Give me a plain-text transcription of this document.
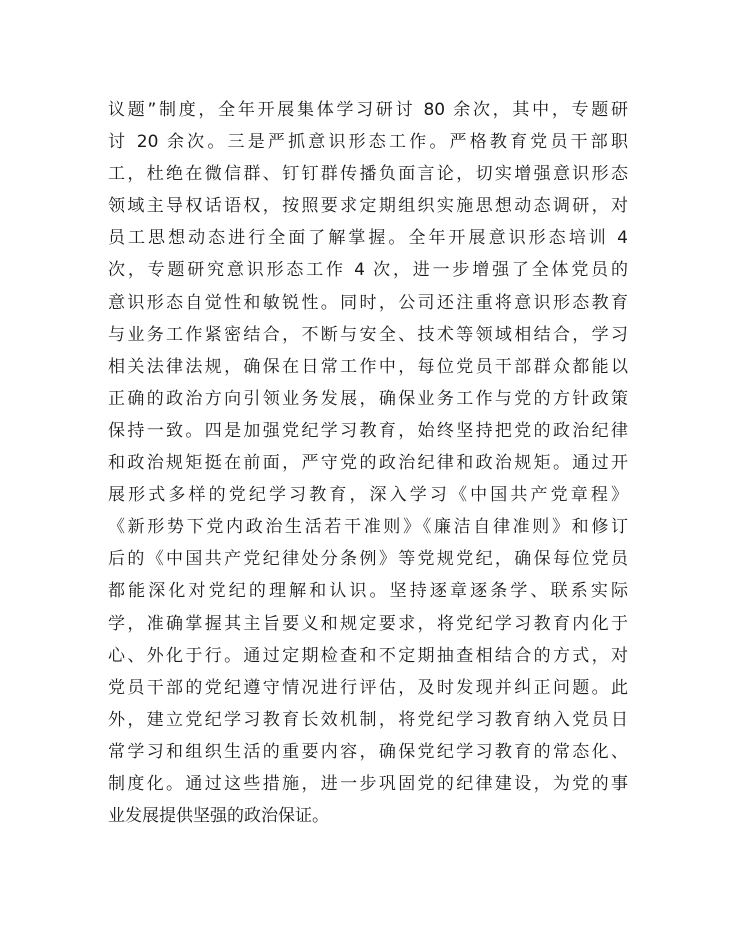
议题”制度，全年开展集体学习研讨 80 余次，其中，专题研
讨 20 余次。三是严抓意识形态工作。严格教育党员干部职
工，杜绝在微信群、钉钉群传播负面言论，切实增强意识形态
领域主导权话语权，按照要求定期组织实施思想动态调研，对
员工思想动态进行全面了解掌握。全年开展意识形态培训 4
次，专题研究意识形态工作 4 次，进一步增强了全体党员的
意识形态自觉性和敏锐性。同时，公司还注重将意识形态教育
与业务工作紧密结合，不断与安全、技术等领域相结合，学习
相关法律法规，确保在日常工作中，每位党员干部群众都能以
正确的政治方向引领业务发展，确保业务工作与党的方针政策
保持一致。四是加强党纪学习教育，始终坚持把党的政治纪律
和政治规矩挺在前面，严守党的政治纪律和政治规矩。通过开
展形式多样的党纪学习教育，深入学习《中国共产党章程》
《新形势下党内政治生活若干准则》《廉洁自律准则》和修订
后的《中国共产党纪律处分条例》等党规党纪，确保每位党员
都能深化对党纪的理解和认识。坚持逐章逐条学、联系实际
学，准确掌握其主旨要义和规定要求，将党纪学习教育内化于
心、外化于行。通过定期检查和不定期抽查相结合的方式，对
党员干部的党纪遵守情况进行评估，及时发现并纠正问题。此
外，建立党纪学习教育长效机制，将党纪学习教育纳入党员日
常学习和组织生活的重要内容，确保党纪学习教育的常态化、
制度化。通过这些措施，进一步巩固党的纪律建设，为党的事
业发展提供坚强的政治保证。
